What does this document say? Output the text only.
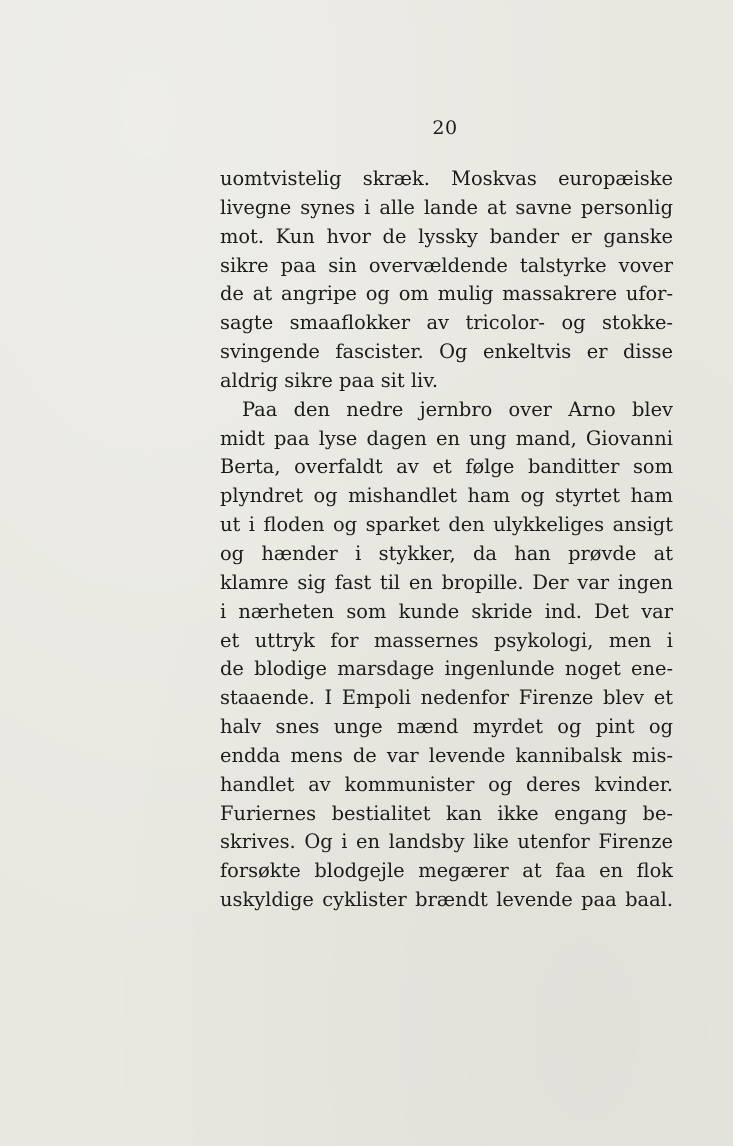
20
uomtvistelig skræk. Moskvas europæiske
livegne synes i alle lande at savne personlig
mot. Kun hvor de lyssky bander er ganske
sikre paa sin overvældende talstyrke vover
de at angripe og om mulig massakrere ufor-
sagte smaaflokker av tricolor- og stokke-
svingende fascister. Og enkeltvis er disse
aldrig sikre paa sit liv.
Paa den nedre jernbro over Arno blev
midt paa lyse dagen en ung mand, Giovanni
Berta, overfaldt av et følge banditter som
plyndret og mishandlet ham og styrtet ham
ut i floden og sparket den ulykkeliges ansigt
og hænder i stykker, da han prøvde at
klamre sig fast til en bropille. Der var ingen
i nærheten som kunde skride ind. Det var
et uttryk for massernes psykologi, men i
de blodige marsdage ingenlunde noget ene-
staaende. I Empoli nedenfor Firenze blev et
halv snes unge mænd myrdet og pint og
endda mens de var levende kannibalsk mis-
handlet av kommunister og deres kvinder.
Furiernes bestialitet kan ikke engang be-
skrives. Og i en landsby like utenfor Firenze
forsøkte blodgejle megærer at faa en flok
uskyldige cyklister brændt levende paa baal.
